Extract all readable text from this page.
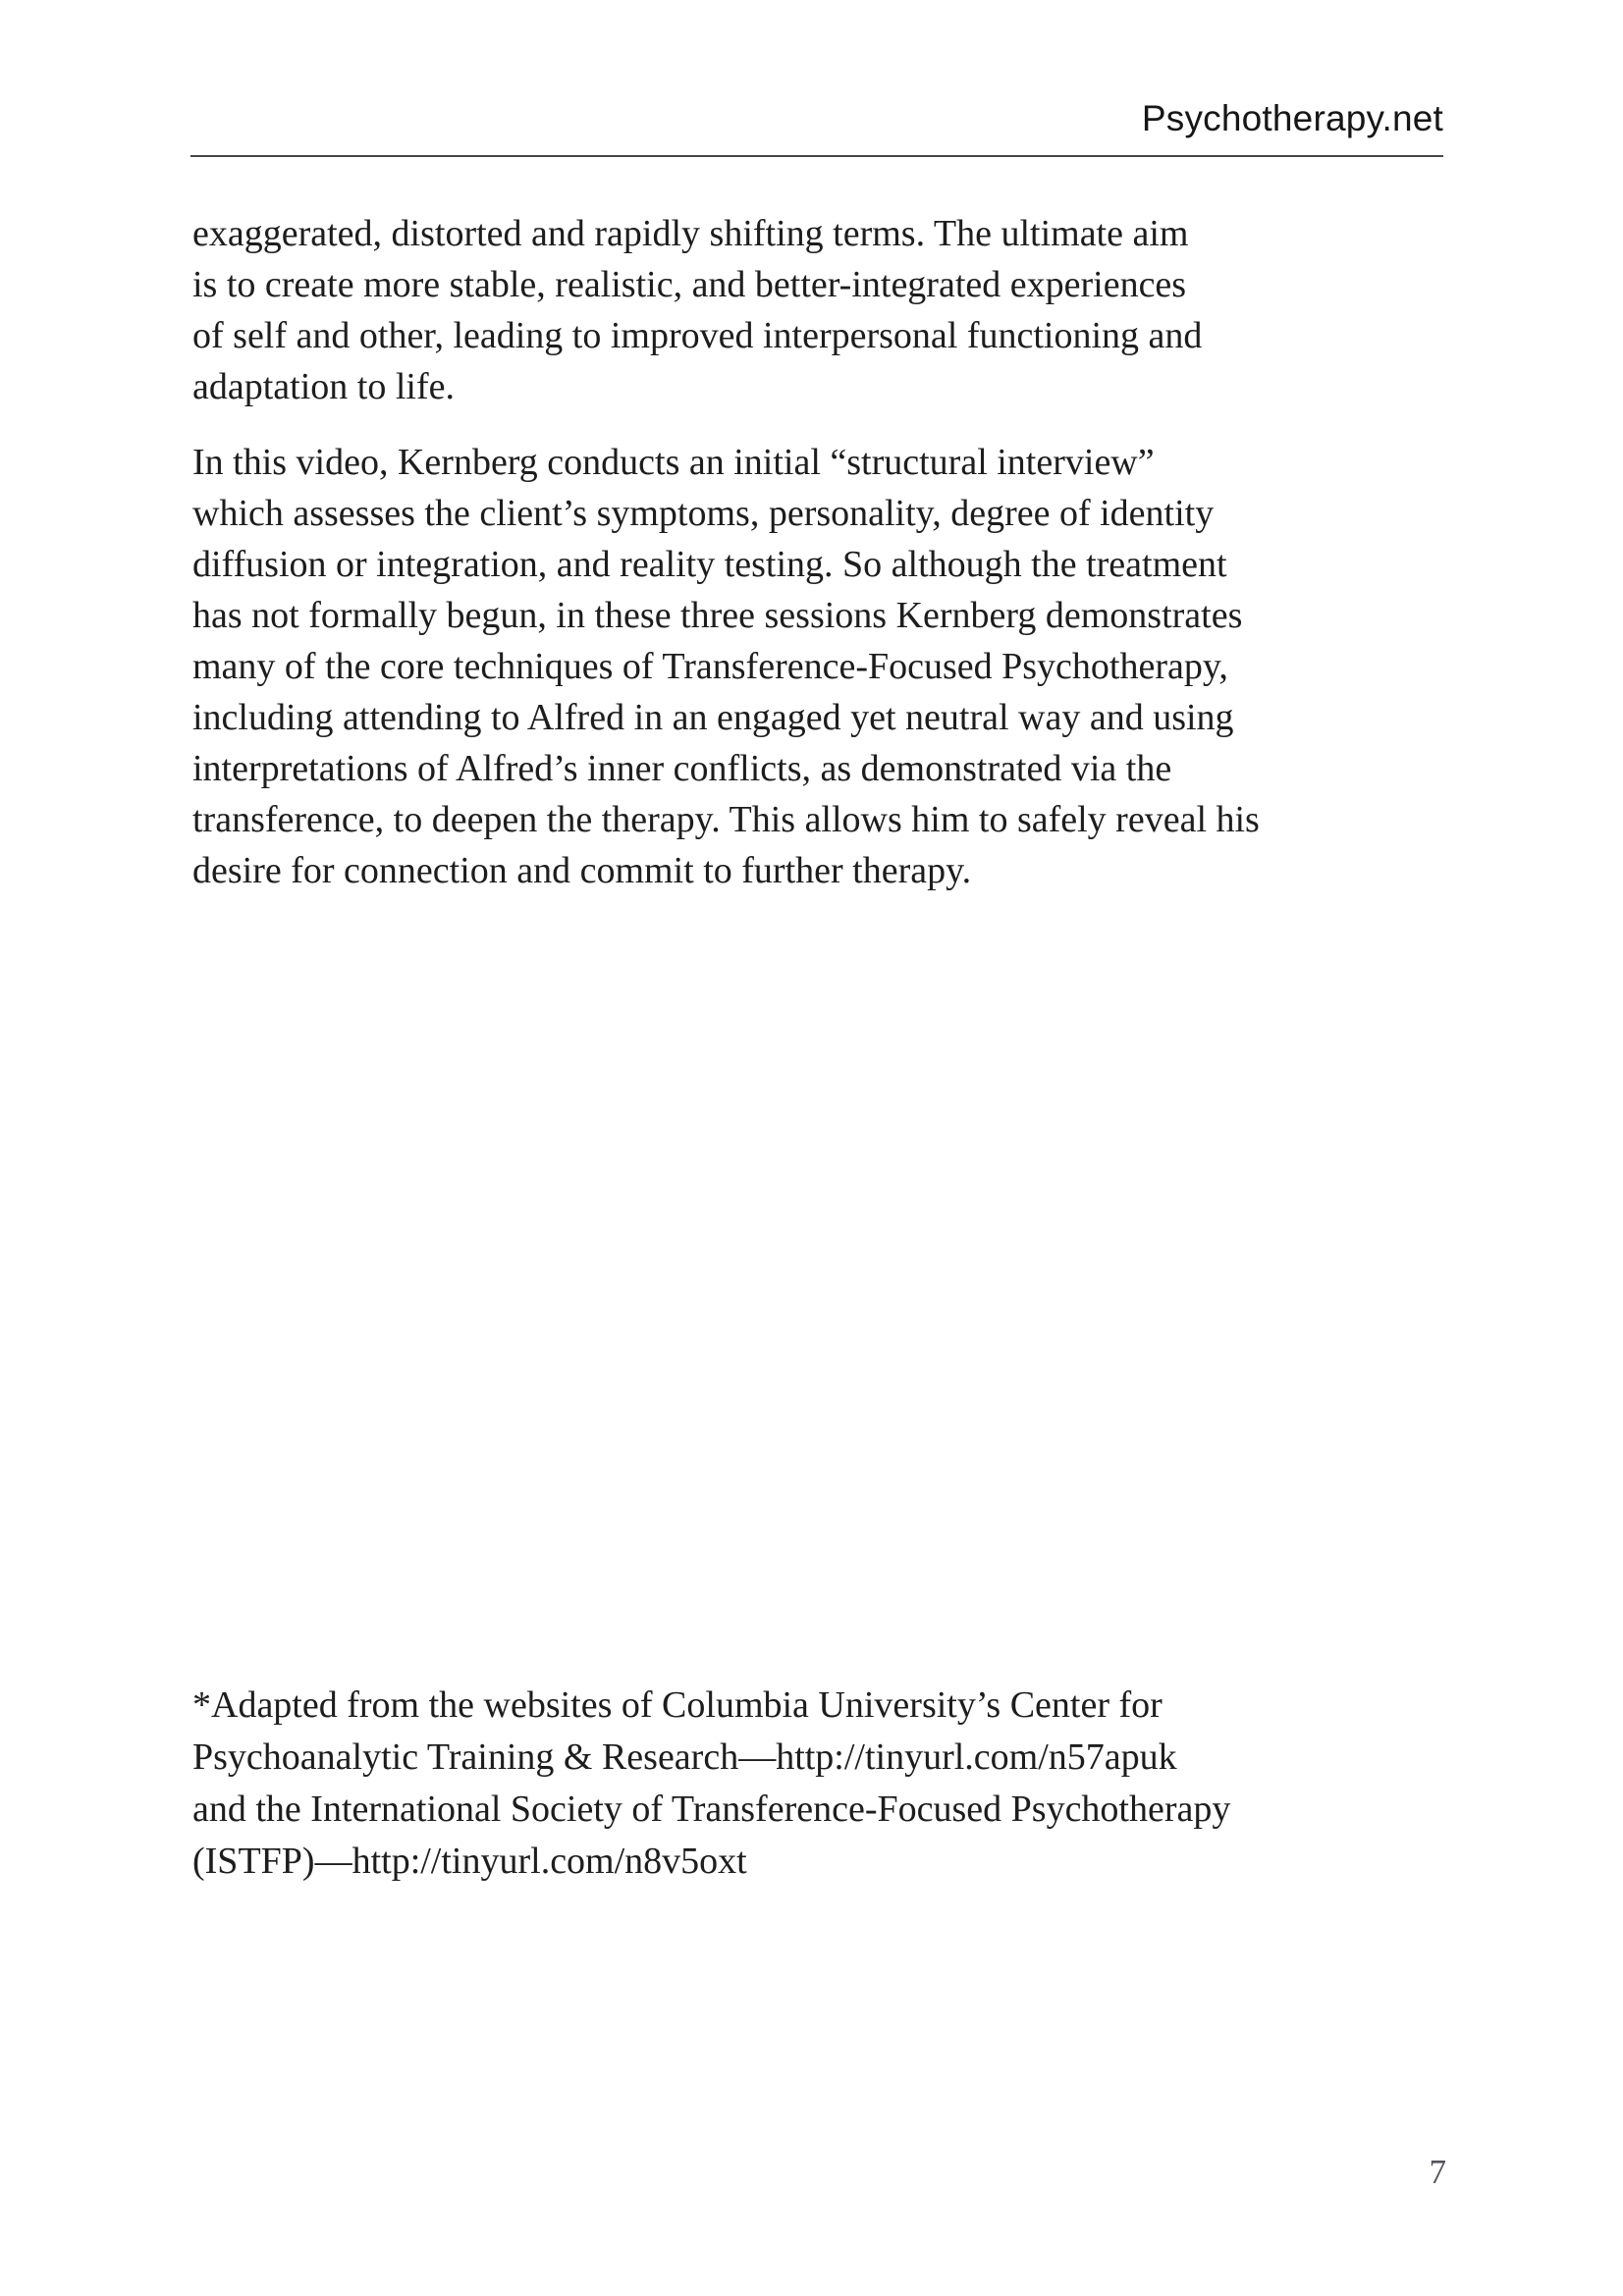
Psychotherapy.net
exaggerated, distorted and rapidly shifting terms. The ultimate aim
is to create more stable, realistic, and better-integrated experiences
of self and other, leading to improved interpersonal functioning and
adaptation to life.
In this video, Kernberg conducts an initial “structural interview”
which assesses the client’s symptoms, personality, degree of identity
diffusion or integration, and reality testing. So although the treatment
has not formally begun, in these three sessions Kernberg demonstrates
many of the core techniques of Transference-Focused Psychotherapy,
including attending to Alfred in an engaged yet neutral way and using
interpretations of Alfred’s inner conflicts, as demonstrated via the
transference, to deepen the therapy. This allows him to safely reveal his
desire for connection and commit to further therapy.
*Adapted from the websites of Columbia University’s Center for
Psychoanalytic Training & Research—http://tinyurl.com/n57apuk
and the International Society of Transference-Focused Psychotherapy
(ISTFP)—http://tinyurl.com/n8v5oxt
7
